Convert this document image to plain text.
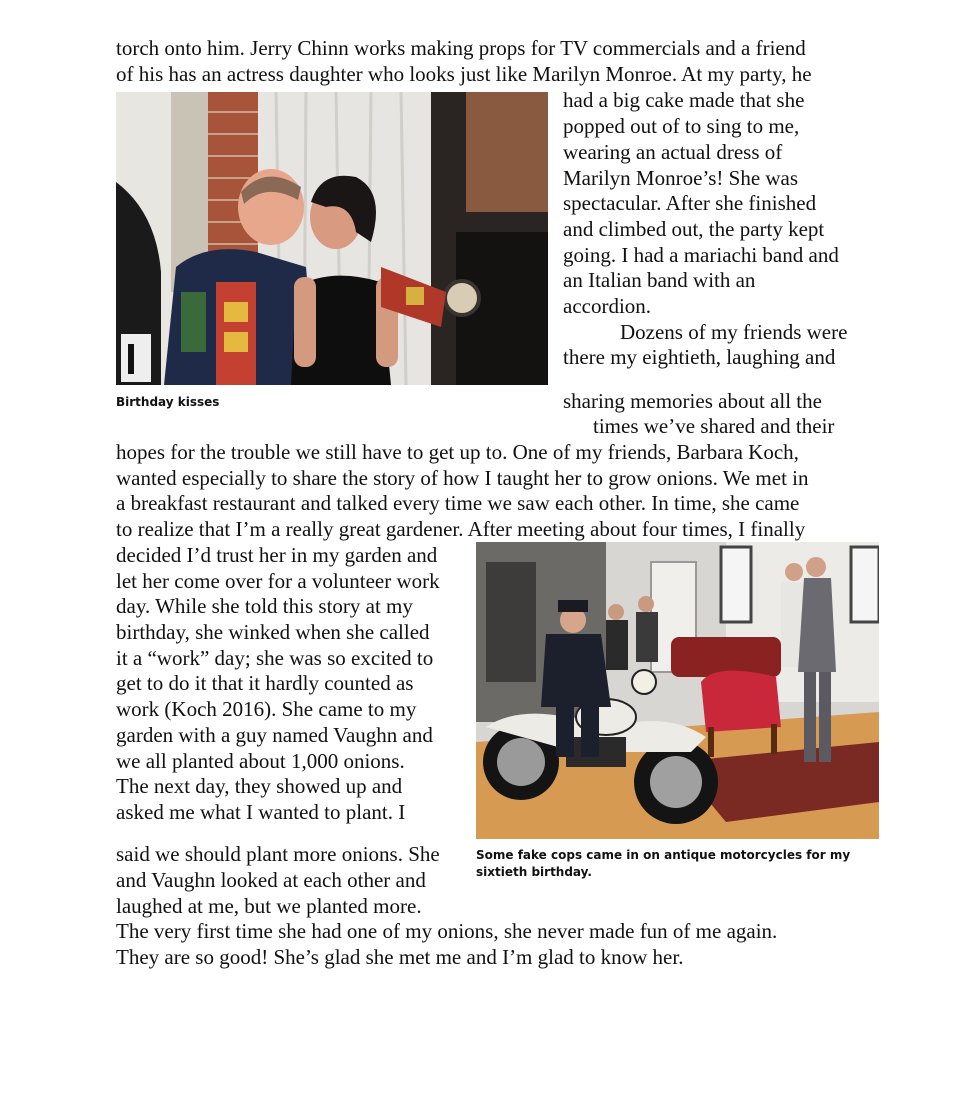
torch onto him. Jerry Chinn works making props for TV commercials and a friend
of his has an actress daughter who looks just like Marilyn Monroe. At my party, he
Birthday kisses
had a big cake made that she
popped out of to sing to me,
wearing an actual dress of
Marilyn Monroe’s! She was
spectacular. After she finished
and climbed out, the party kept
going. I had a mariachi band and
an Italian band with an
accordion.
Dozens of my friends were
there my eightieth, laughing and
sharing memories about all the
times we’ve shared and their
hopes for the trouble we still have to get up to. One of my friends, Barbara Koch,
wanted especially to share the story of how I taught her to grow onions. We met in
a breakfast restaurant and talked every time we saw each other. In time, she came
to realize that I’m a really great gardener. After meeting about four times, I finally
decided I’d trust her in my garden and
let her come over for a volunteer work
day. While she told this story at my
birthday, she winked when she called
it a “work” day; she was so excited to
get to do it that it hardly counted as
work (Koch 2016). She came to my
garden with a guy named Vaughn and
we all planted about 1,000 onions.
The next day, they showed up and
asked me what I wanted to plant. I
said we should plant more onions. She
and Vaughn looked at each other and
laughed at me, but we planted more.
Some fake cops came in on antique motorcycles for my
sixtieth birthday.
The very first time she had one of my onions, she never made fun of me again.
They are so good! She’s glad she met me and I’m glad to know her.
